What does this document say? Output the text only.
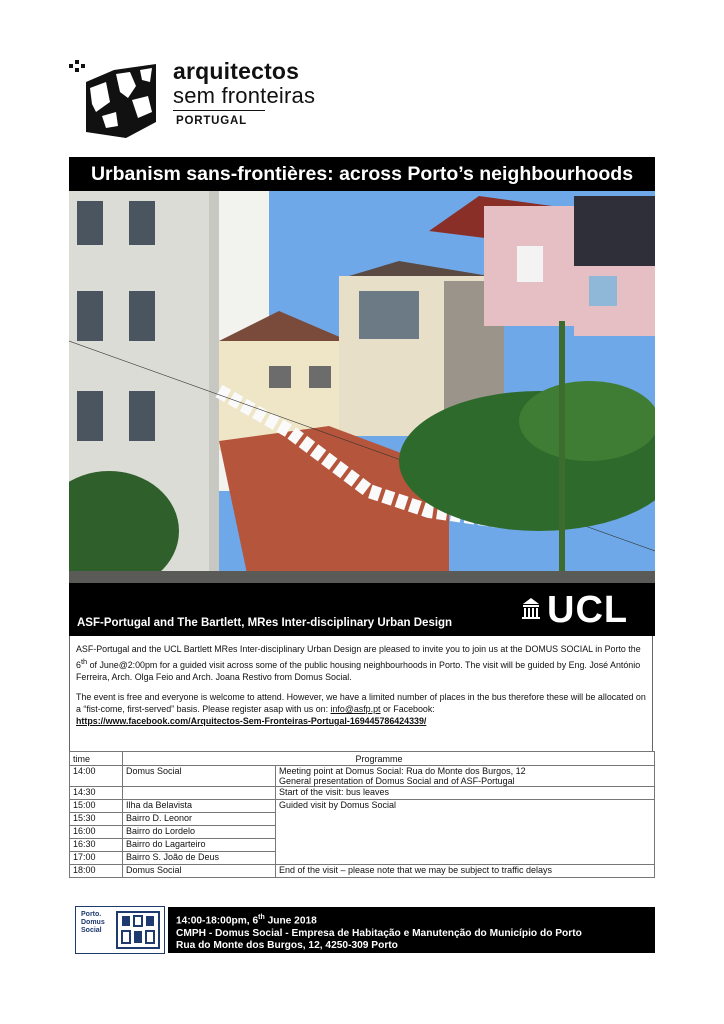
arquitectos
sem fronteiras
PORTUGAL
Urbanism sans-frontières: across Porto’s neighbourhoods
ASF-Portugal and The Bartlett, MRes Inter-disciplinary Urban Design UCL

ASF-Portugal and the UCL Bartlett MRes Inter-disciplinary Urban Design are pleased to invite you to join us at the DOMUS SOCIAL in Porto the 6th of June@2:00pm for a guided visit across some of the public housing neighbourhoods in Porto. The visit will be guided by Eng. José António Ferreira, Arch. Olga Feio and Arch. Joana Restivo from Domus Social.

The event is free and everyone is welcome to attend. However, we have a limited number of places in the bus therefore these will be allocated on a “fist-come, first-served” basis. Please register asap with us on: info@asfp.pt or Facebook:
https://www.facebook.com/Arquitectos-Sem-Fronteiras-Portugal-169445786424339/

time		Programme
14:00	Domus Social	Meeting point at Domus Social: Rua do Monte dos Burgos, 12
General presentation of Domus Social and of ASF-Portugal

14:30		Start of the visit: bus leaves
15:00	Ilha da Belavista	Guided visit by Domus Social
15:30	Bairro D. Leonor	
16:00	Bairro do Lordelo	
16:30	Bairro do Lagarteiro	
17:00	Bairro S. João de Deus	
18:00	Domus Social	End of the visit – please note that we may be subject to traffic delays
Porto.
Domus
Social
14:00-18:00pm, 6th June 2018
CMPH - Domus Social - Empresa de Habitação e Manutenção do Município do Porto
Rua do Monte dos Burgos, 12, 4250-309 Porto
